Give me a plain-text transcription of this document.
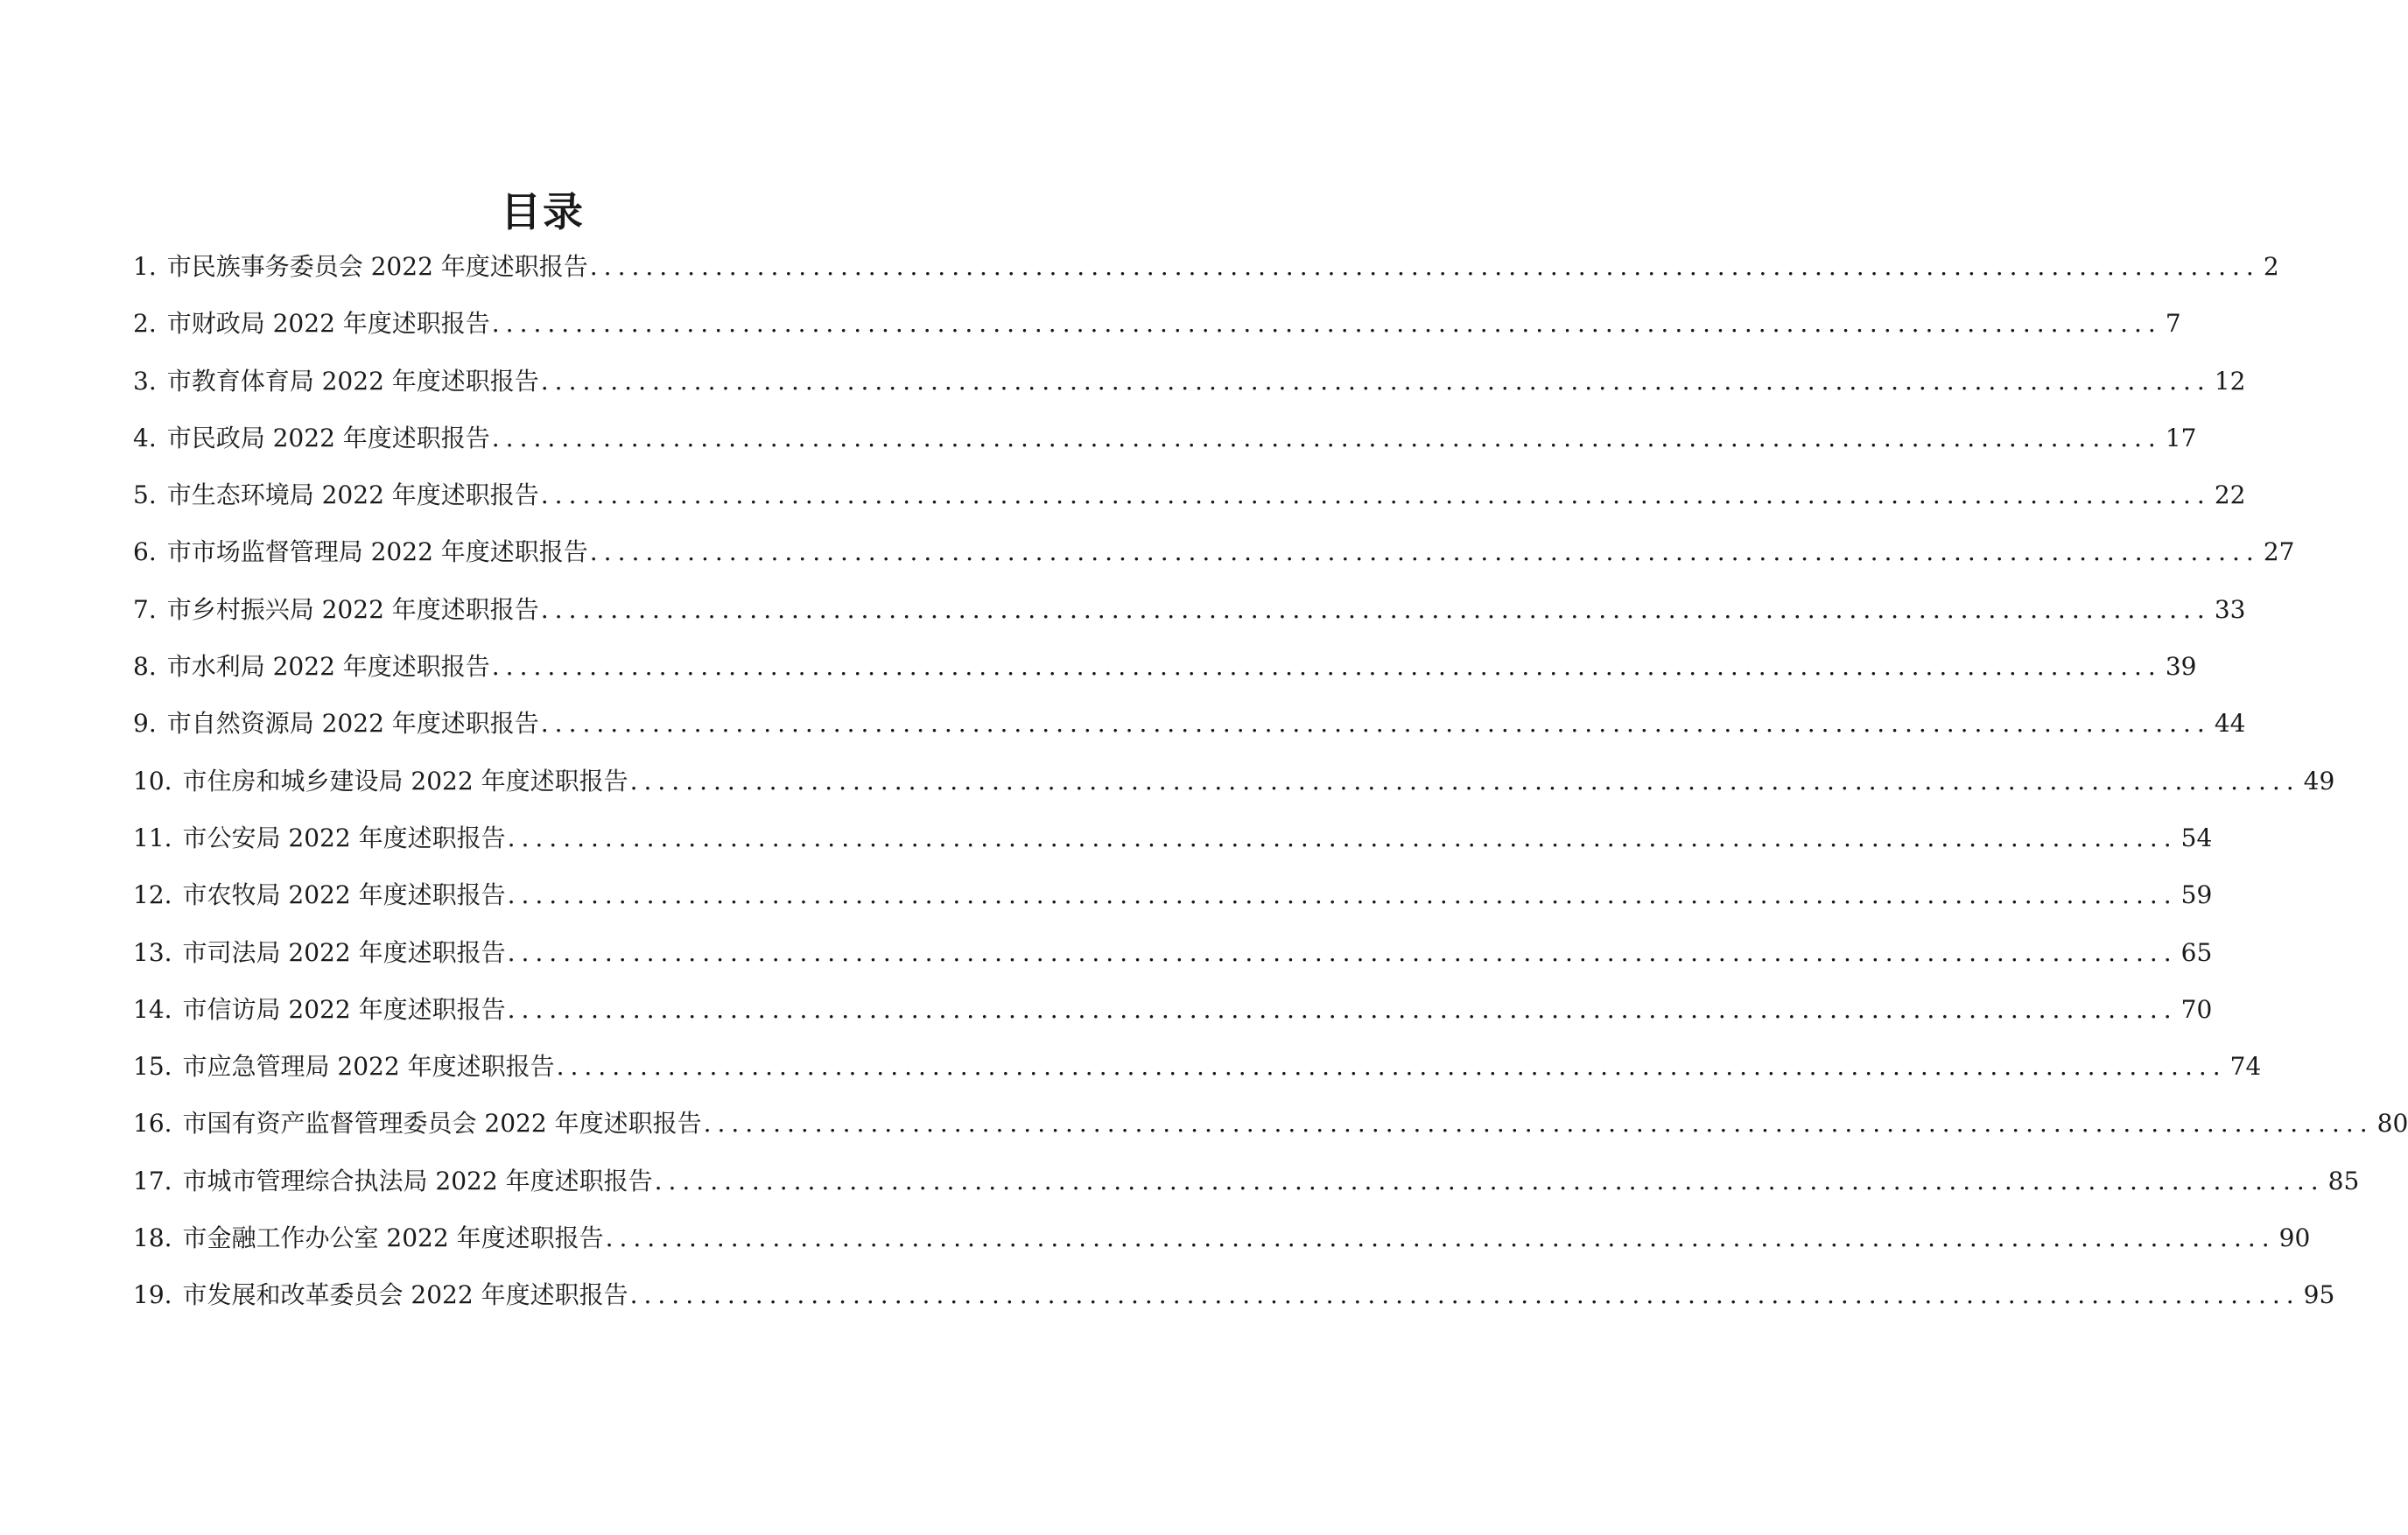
目录
1. 市民族事务委员会 2022 年度述职报告 ........................................................................................................................ 2
2. 市财政局 2022 年度述职报告 ........................................................................................................................ 7
3. 市教育体育局 2022 年度述职报告 ........................................................................................................................ 12
4. 市民政局 2022 年度述职报告 ........................................................................................................................ 17
5. 市生态环境局 2022 年度述职报告 ........................................................................................................................ 22
6. 市市场监督管理局 2022 年度述职报告 ........................................................................................................................ 27
7. 市乡村振兴局 2022 年度述职报告 ........................................................................................................................ 33
8. 市水利局 2022 年度述职报告 ........................................................................................................................ 39
9. 市自然资源局 2022 年度述职报告 ........................................................................................................................ 44
10. 市住房和城乡建设局 2022 年度述职报告 ........................................................................................................................ 49
11. 市公安局 2022 年度述职报告 ........................................................................................................................ 54
12. 市农牧局 2022 年度述职报告 ........................................................................................................................ 59
13. 市司法局 2022 年度述职报告 ........................................................................................................................ 65
14. 市信访局 2022 年度述职报告 ........................................................................................................................ 70
15. 市应急管理局 2022 年度述职报告 ........................................................................................................................ 74
16. 市国有资产监督管理委员会 2022 年度述职报告 ........................................................................................................................ 80
17. 市城市管理综合执法局 2022 年度述职报告 ........................................................................................................................ 85
18. 市金融工作办公室 2022 年度述职报告 ........................................................................................................................ 90
19. 市发展和改革委员会 2022 年度述职报告 ........................................................................................................................ 95
